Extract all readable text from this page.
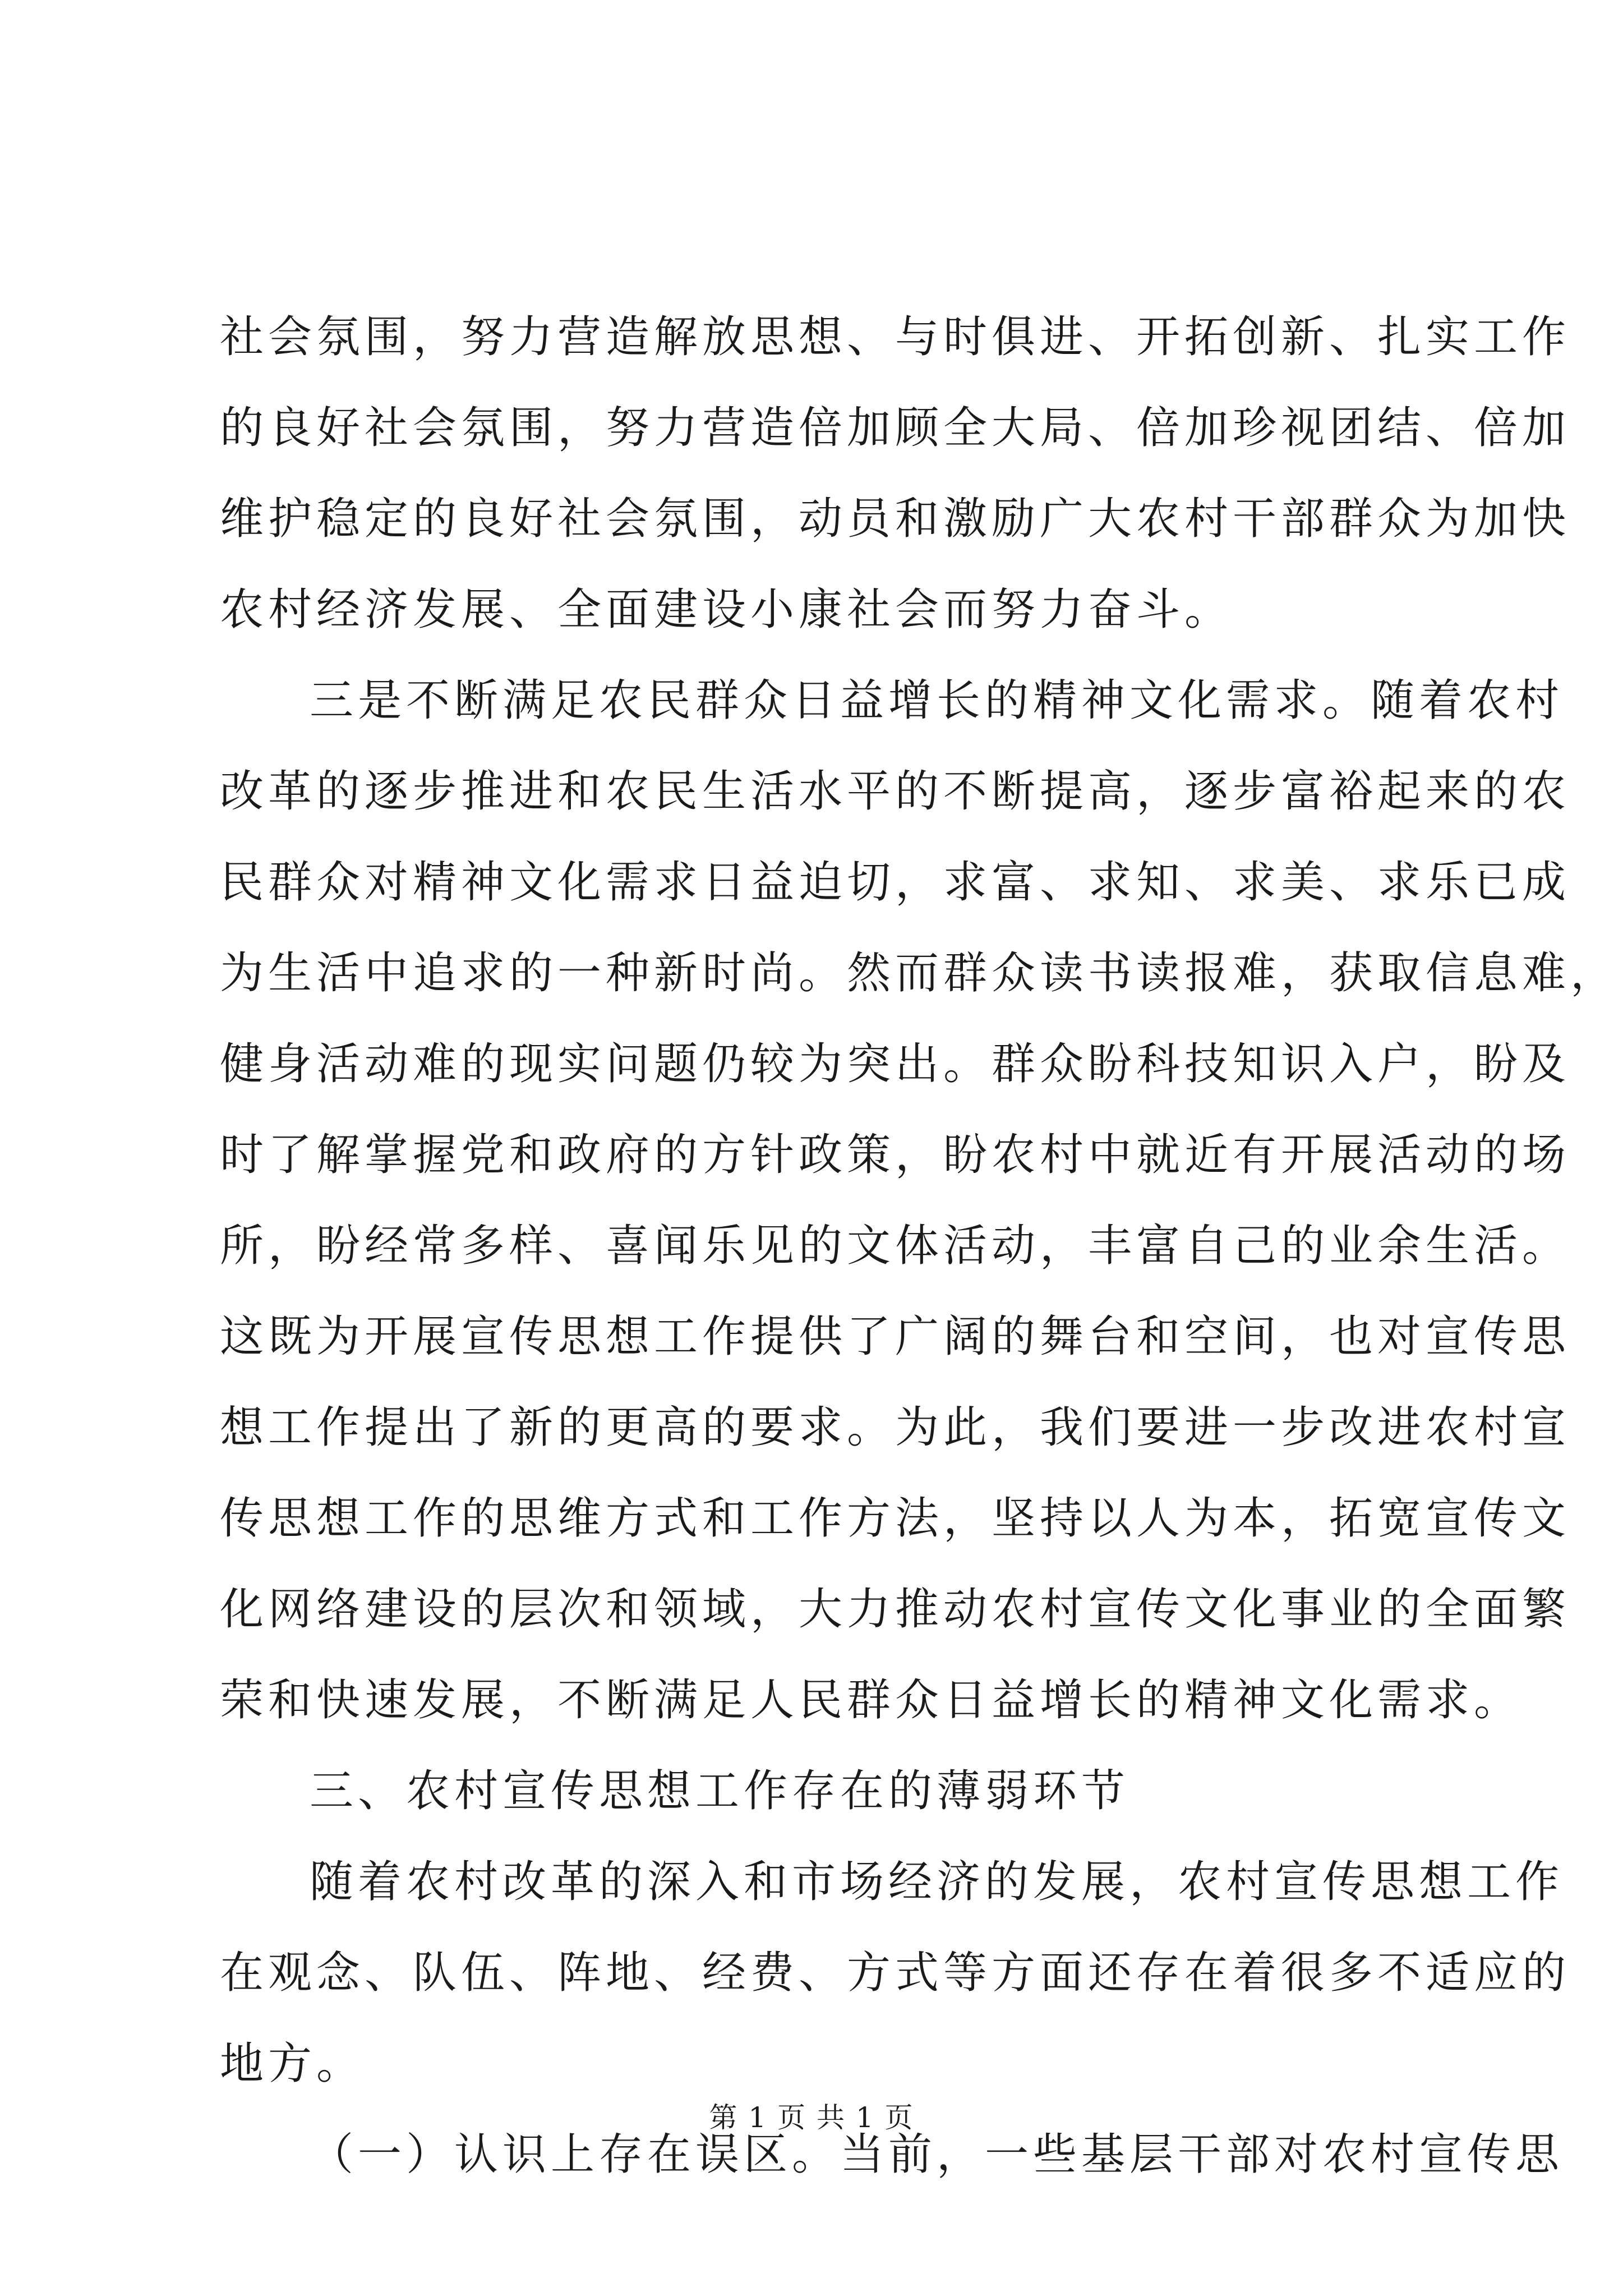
社会氛围，努力营造解放思想、与时俱进、开拓创新、扎实工作
的良好社会氛围，努力营造倍加顾全大局、倍加珍视团结、倍加
维护稳定的良好社会氛围，动员和激励广大农村干部群众为加快
农村经济发展、全面建设小康社会而努力奋斗。
三是不断满足农民群众日益增长的精神文化需求。随着农村
改革的逐步推进和农民生活水平的不断提高，逐步富裕起来的农
民群众对精神文化需求日益迫切，求富、求知、求美、求乐已成
为生活中追求的一种新时尚。然而群众读书读报难，获取信息难，
健身活动难的现实问题仍较为突出。群众盼科技知识入户，盼及
时了解掌握党和政府的方针政策，盼农村中就近有开展活动的场
所，盼经常多样、喜闻乐见的文体活动，丰富自己的业余生活。
这既为开展宣传思想工作提供了广阔的舞台和空间，也对宣传思
想工作提出了新的更高的要求。为此，我们要进一步改进农村宣
传思想工作的思维方式和工作方法，坚持以人为本，拓宽宣传文
化网络建设的层次和领域，大力推动农村宣传文化事业的全面繁
荣和快速发展，不断满足人民群众日益增长的精神文化需求。
三、农村宣传思想工作存在的薄弱环节
随着农村改革的深入和市场经济的发展，农村宣传思想工作
在观念、队伍、阵地、经费、方式等方面还存在着很多不适应的
地方。
（一）认识上存在误区。当前，一些基层干部对农村宣传思
第 1 页 共 1 页
